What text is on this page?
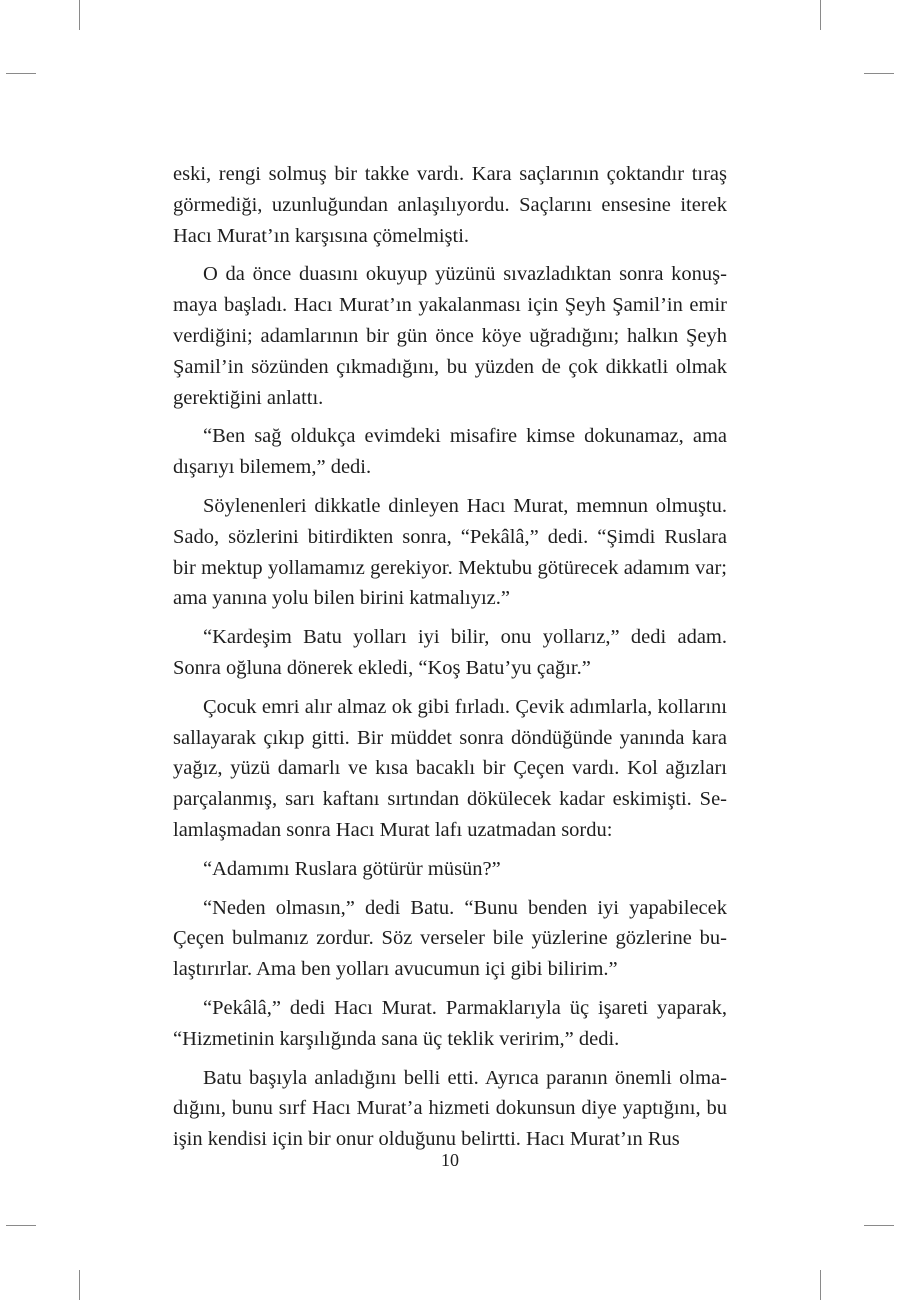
eski, rengi solmuş bir takke vardı. Kara saçlarının çoktandır tıraş görmediği, uzunluğundan anlaşılıyordu. Saçlarını ensesine iterek Hacı Murat’ın karşısına çömelmişti.

O da önce duasını okuyup yüzünü sıvazladıktan sonra konuşmaya başladı. Hacı Murat’ın yakalanması için Şeyh Şamil’in emir verdiğini; adamlarının bir gün önce köye uğradığını; halkın Şeyh Şamil’in sözünden çıkmadığını, bu yüzden de çok dikkatli olmak gerektiğini anlattı.

“Ben sağ oldukça evimdeki misafire kimse dokunamaz, ama dışarıyı bilemem,” dedi.

Söylenenleri dikkatle dinleyen Hacı Murat, memnun olmuştu. Sado, sözlerini bitirdikten sonra, “Pekâlâ,” dedi. “Şimdi Ruslara bir mektup yollamamız gerekiyor. Mektubu götürecek adamım var; ama yanına yolu bilen birini katmalıyız.”

“Kardeşim Batu yolları iyi bilir, onu yollarız,” dedi adam. Sonra oğluna dönerek ekledi, “Koş Batu’yu çağır.”

Çocuk emri alır almaz ok gibi fırladı. Çevik adımlarla, kollarını sallayarak çıkıp gitti. Bir müddet sonra döndüğünde yanında kara yağız, yüzü damarlı ve kısa bacaklı bir Çeçen vardı. Kol ağızları parçalanmış, sarı kaftanı sırtından dökülecek kadar eskimişti. Selamlaşmadan sonra Hacı Murat lafı uzatmadan sordu:

“Adamımı Ruslara götürür müsün?”

“Neden olmasın,” dedi Batu. “Bunu benden iyi yapabilecek Çeçen bulmanız zordur. Söz verseler bile yüzlerine gözlerine bulaştırırlar. Ama ben yolları avucumun içi gibi bilirim.”

“Pekâlâ,” dedi Hacı Murat. Parmaklarıyla üç işareti yaparak, “Hizmetinin karşılığında sana üç teklik veririm,” dedi.

Batu başıyla anladığını belli etti. Ayrıca paranın önemli olmadığını, bunu sırf Hacı Murat’a hizmeti dokunsun diye yaptığını, bu işin kendisi için bir onur olduğunu belirtti. Hacı Murat’ın Rus

10
